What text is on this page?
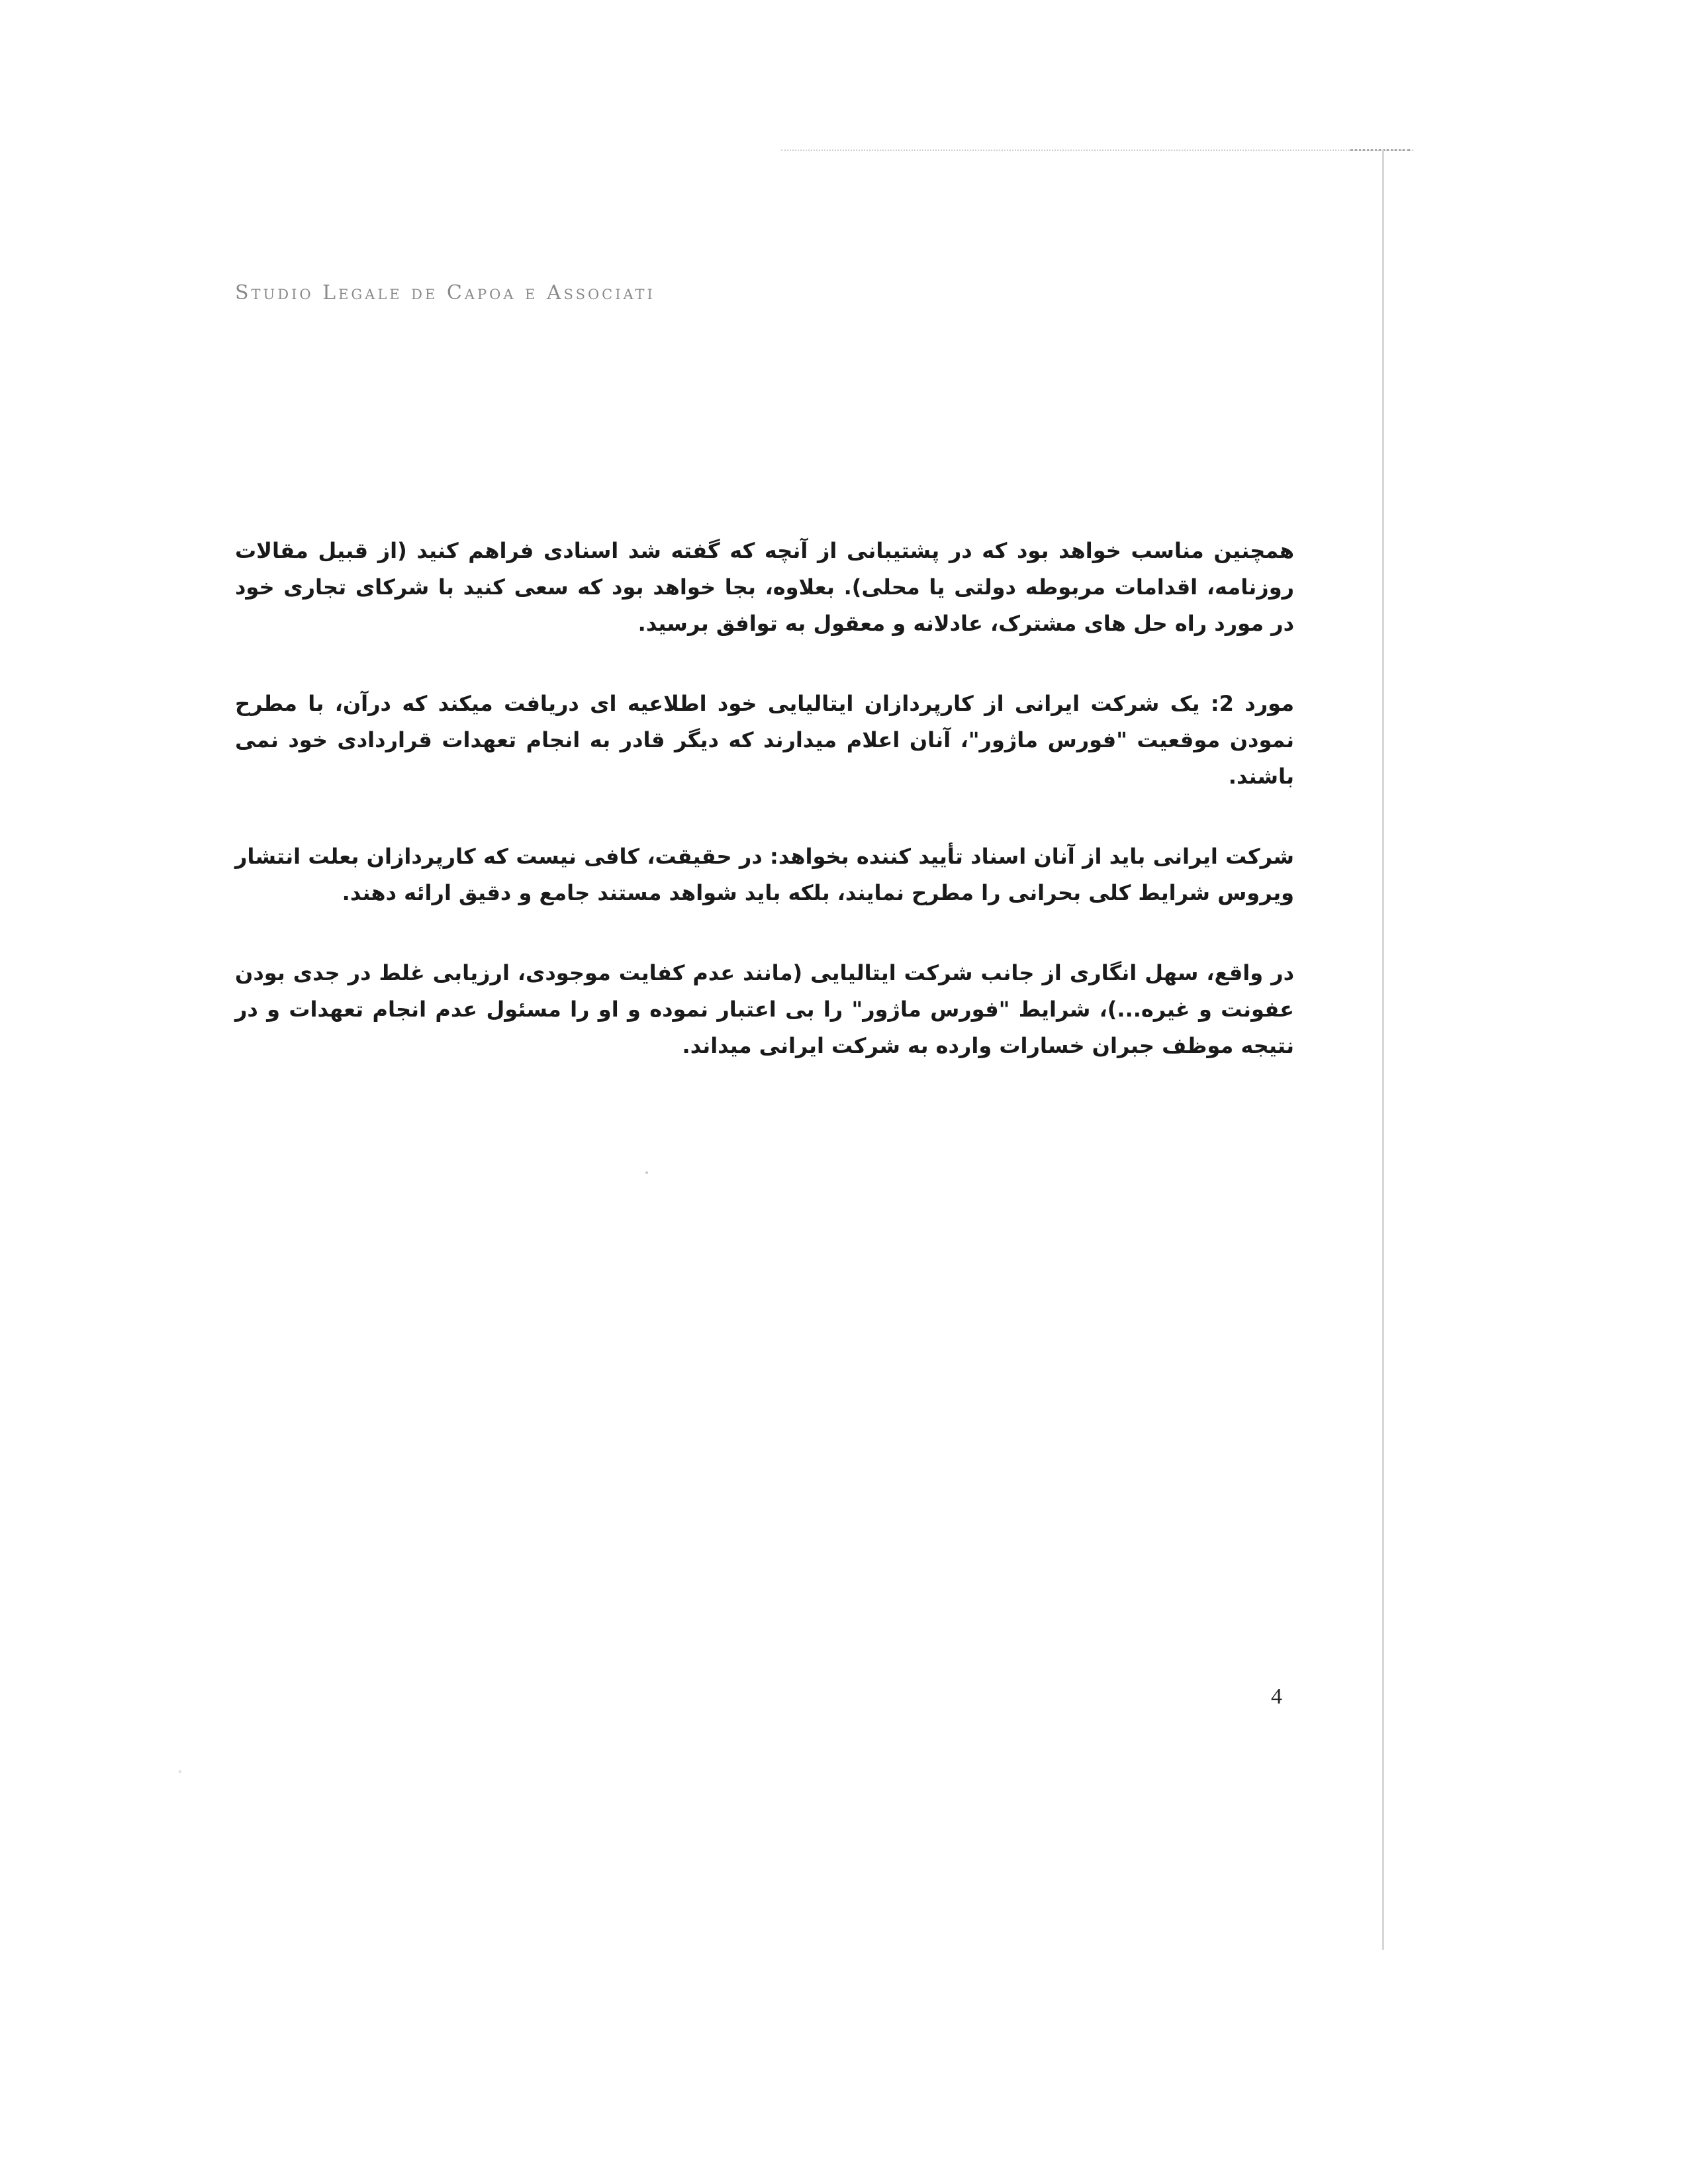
Studio Legale de Capoa e Associati

همچنین مناسب خواهد بود که در پشتیبانی از آنچه که گفته شد اسنادی فراهم کنید (از قبیل مقالات روزنامه، اقدامات مربوطه دولتی یا محلی). بعلاوه، بجا خواهد بود که سعی کنید با شرکای تجاری خود در مورد راه حل های مشترک، عادلانه و معقول به توافق برسید.

مورد 2: یک شرکت ایرانی از کارپردازان ایتالیایی خود اطلاعیه ای دریافت میکند که درآن، با مطرح نمودن موقعیت "فورس ماژور"، آنان اعلام میدارند که دیگر قادر به انجام تعهدات قراردادی خود نمی باشند.

شرکت ایرانی باید از آنان اسناد تأیید کننده بخواهد: در حقیقت، کافی نیست که کارپردازان بعلت انتشار ویروس شرایط کلی بحرانی را مطرح نمایند، بلکه باید شواهد مستند جامع و دقیق ارائه دهند.

در واقع، سهل انگاری از جانب شرکت ایتالیایی (مانند عدم کفایت موجودی، ارزیابی غلط در جدی بودن عفونت و غیره...)، شرایط "فورس ماژور" را بی اعتبار نموده و او را مسئول عدم انجام تعهدات و در نتیجه موظف جبران خسارات وارده به شرکت ایرانی میداند.

4
